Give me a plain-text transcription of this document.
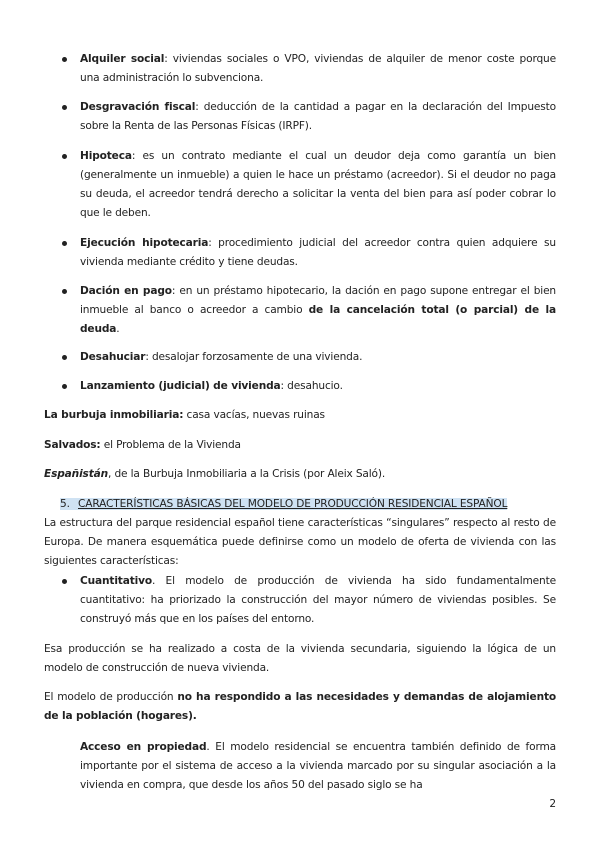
Alquiler social: viviendas sociales o VPO, viviendas de alquiler de menor coste porque una administración lo subvenciona.
Desgravación fiscal: deducción de la cantidad a pagar en la declaración del Impuesto sobre la Renta de las Personas Físicas (IRPF).
Hipoteca: es un contrato mediante el cual un deudor deja como garantía un bien (generalmente un inmueble) a quien le hace un préstamo (acreedor). Si el deudor no paga su deuda, el acreedor tendrá derecho a solicitar la venta del bien para así poder cobrar lo que le deben.
Ejecución hipotecaria: procedimiento judicial del acreedor contra quien adquiere su vivienda mediante crédito y tiene deudas.
Dación en pago: en un préstamo hipotecario, la dación en pago supone entregar el bien inmueble al banco o acreedor a cambio de la cancelación total (o parcial) de la deuda.
Desahuciar: desalojar forzosamente de una vivienda.
Lanzamiento (judicial) de vivienda: desahucio.
La burbuja inmobiliaria: casa vacías, nuevas ruinas
Salvados: el Problema de la Vivienda
Españistán, de la Burbuja Inmobiliaria a la Crisis (por Aleix Saló).
5. CARACTERÍSTICAS BÁSICAS DEL MODELO DE PRODUCCIÓN RESIDENCIAL ESPAÑOL
La estructura del parque residencial español tiene características “singulares” respecto al resto de Europa. De manera esquemática puede definirse como un modelo de oferta de vivienda con las siguientes características:
Cuantitativo. El modelo de producción de vivienda ha sido fundamentalmente cuantitativo: ha priorizado la construcción del mayor número de viviendas posibles. Se construyó más que en los países del entorno.
Esa producción se ha realizado a costa de la vivienda secundaria, siguiendo la lógica de un modelo de construcción de nueva vivienda.
El modelo de producción no ha respondido a las necesidades y demandas de alojamiento de la población (hogares).
Acceso en propiedad. El modelo residencial se encuentra también definido de forma importante por el sistema de acceso a la vivienda marcado por su singular asociación a la vivienda en compra, que desde los años 50 del pasado siglo se ha
2
